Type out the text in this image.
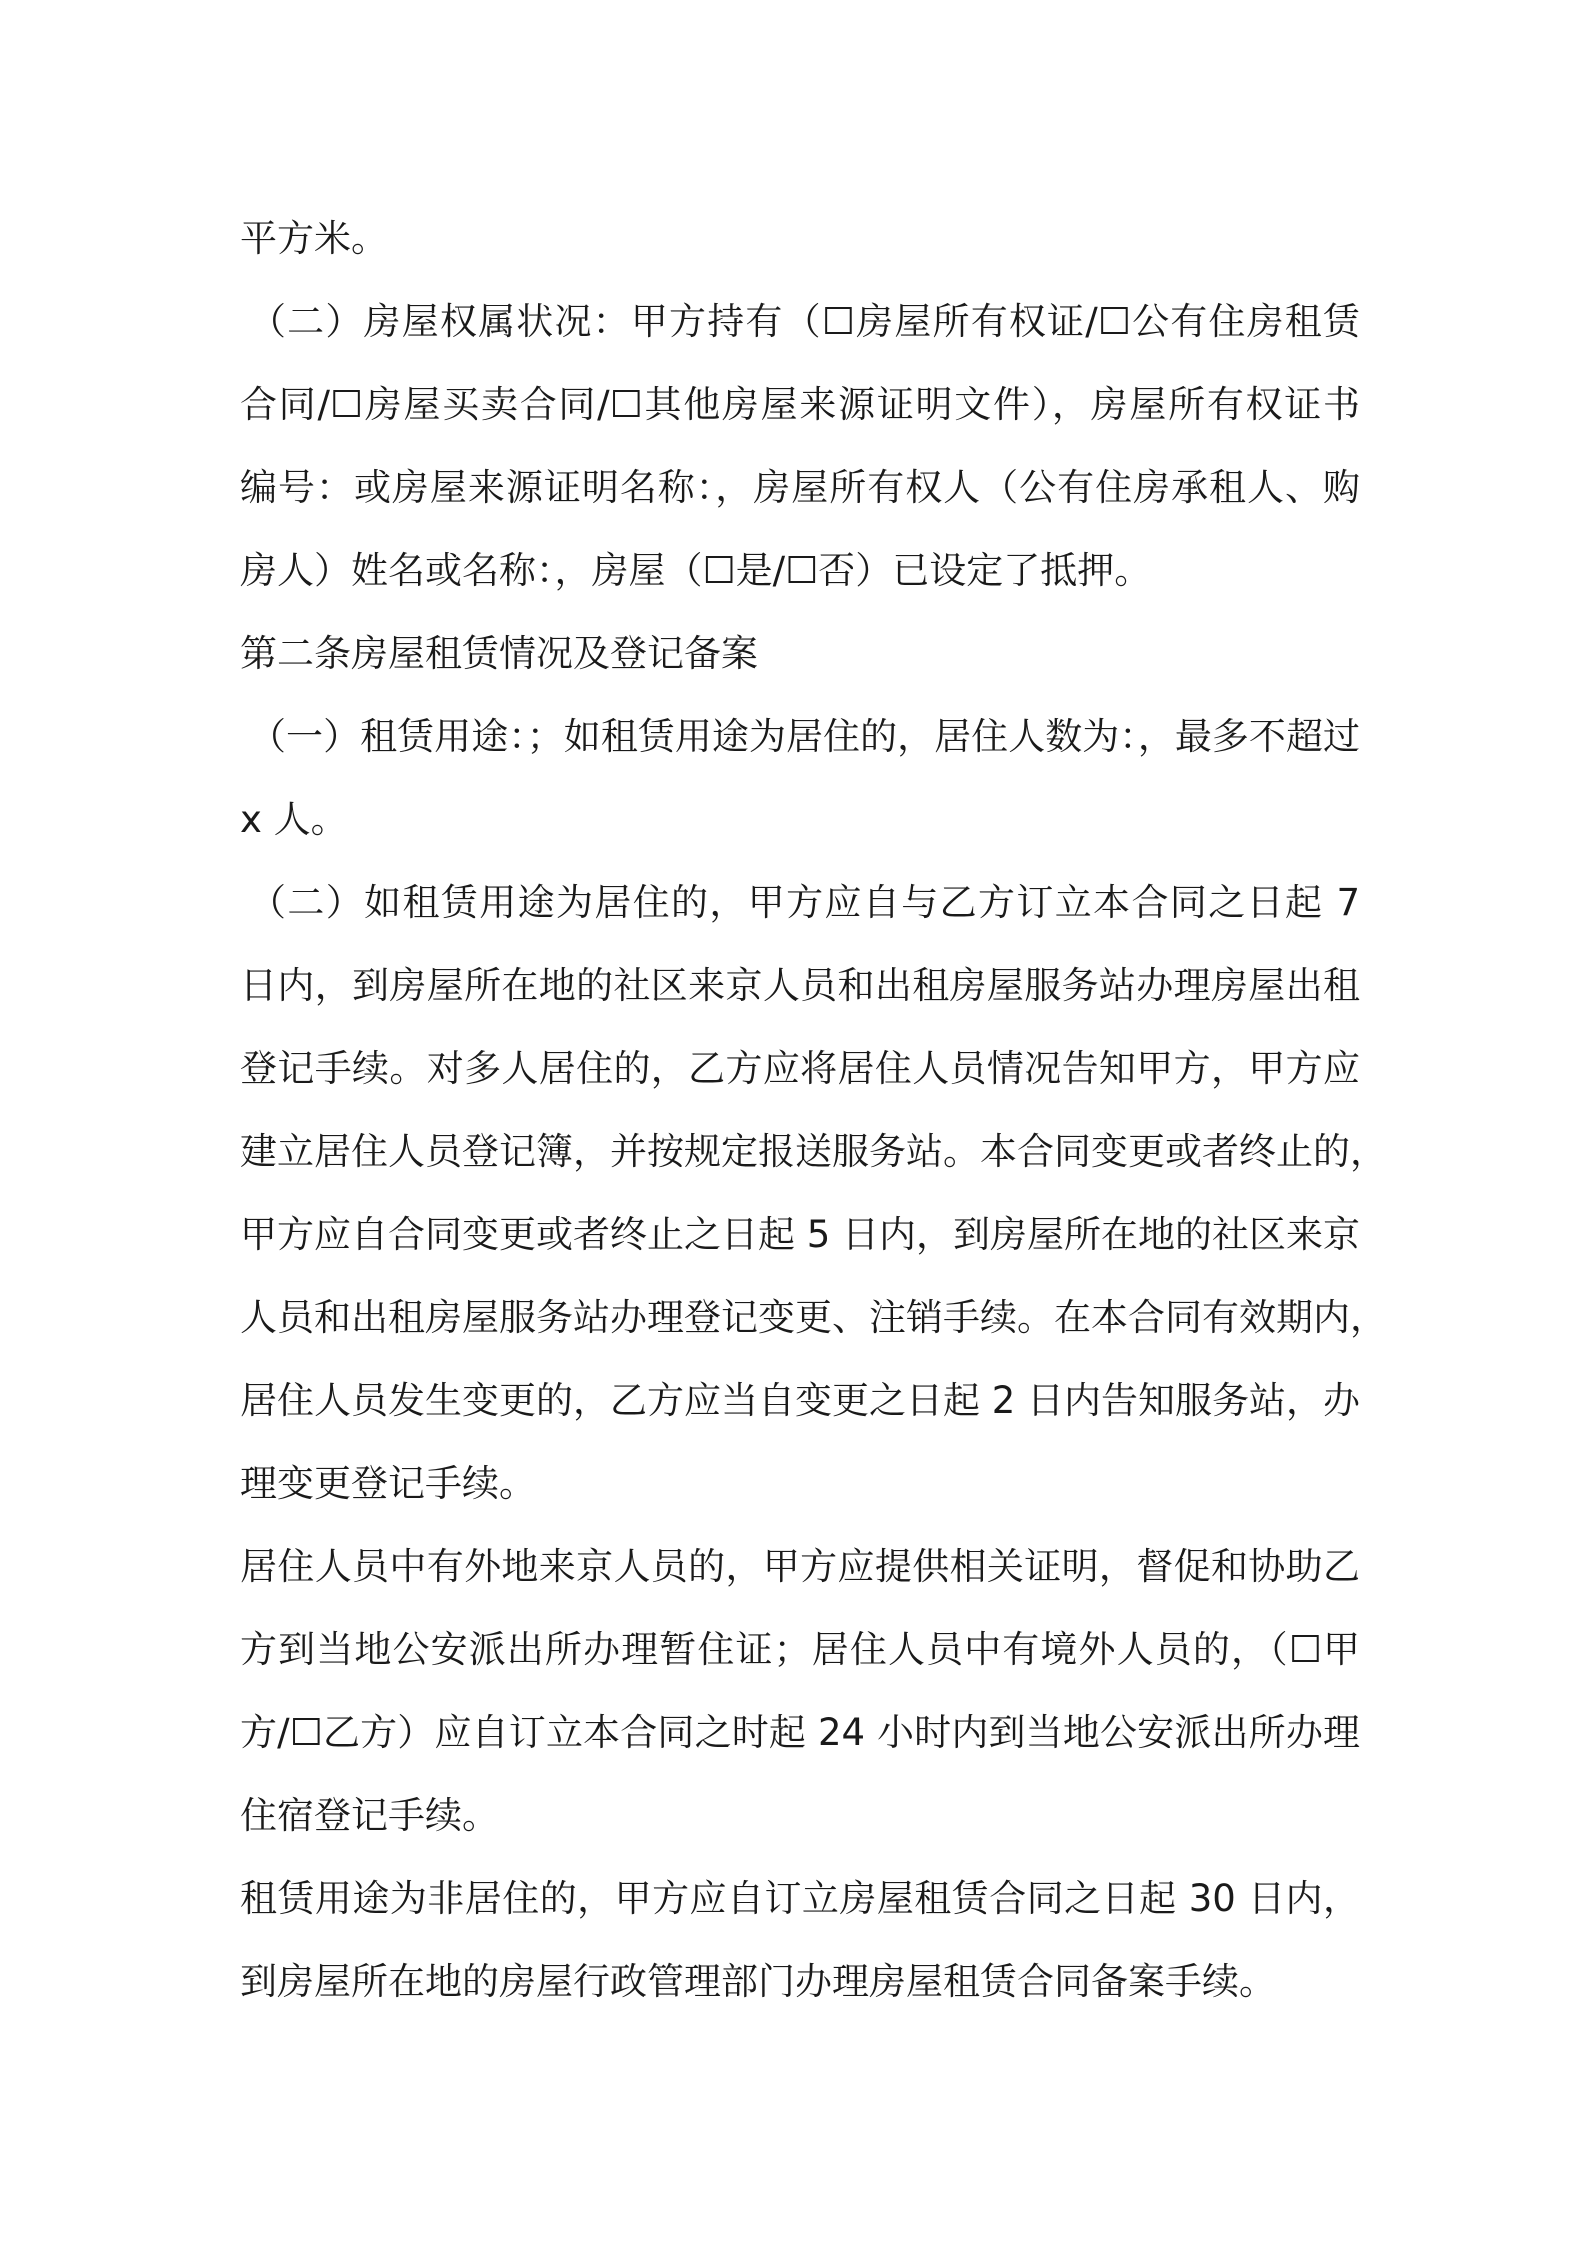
平方米。
（二）房屋权属状况：甲方持有（☐房屋所有权证/☐公有住房租赁
合同/☐房屋买卖合同/☐其他房屋来源证明文件），房屋所有权证书
编号：或房屋来源证明名称：，房屋所有权人（公有住房承租人、购
房人）姓名或名称：，房屋（☐是/☐否）已设定了抵押。
第二条房屋租赁情况及登记备案
（一）租赁用途：；如租赁用途为居住的，居住人数为：，最多不超过
x 人。
（二）如租赁用途为居住的，甲方应自与乙方订立本合同之日起 7
日内，到房屋所在地的社区来京人员和出租房屋服务站办理房屋出租
登记手续。对多人居住的，乙方应将居住人员情况告知甲方，甲方应
建立居住人员登记簿，并按规定报送服务站。本合同变更或者终止的，
甲方应自合同变更或者终止之日起 5 日内，到房屋所在地的社区来京
人员和出租房屋服务站办理登记变更、注销手续。在本合同有效期内，
居住人员发生变更的，乙方应当自变更之日起 2 日内告知服务站，办
理变更登记手续。
居住人员中有外地来京人员的，甲方应提供相关证明，督促和协助乙
方到当地公安派出所办理暂住证；居住人员中有境外人员的，（☐甲
方/☐乙方）应自订立本合同之时起 24 小时内到当地公安派出所办理
住宿登记手续。
租赁用途为非居住的，甲方应自订立房屋租赁合同之日起 30 日内，
到房屋所在地的房屋行政管理部门办理房屋租赁合同备案手续。
